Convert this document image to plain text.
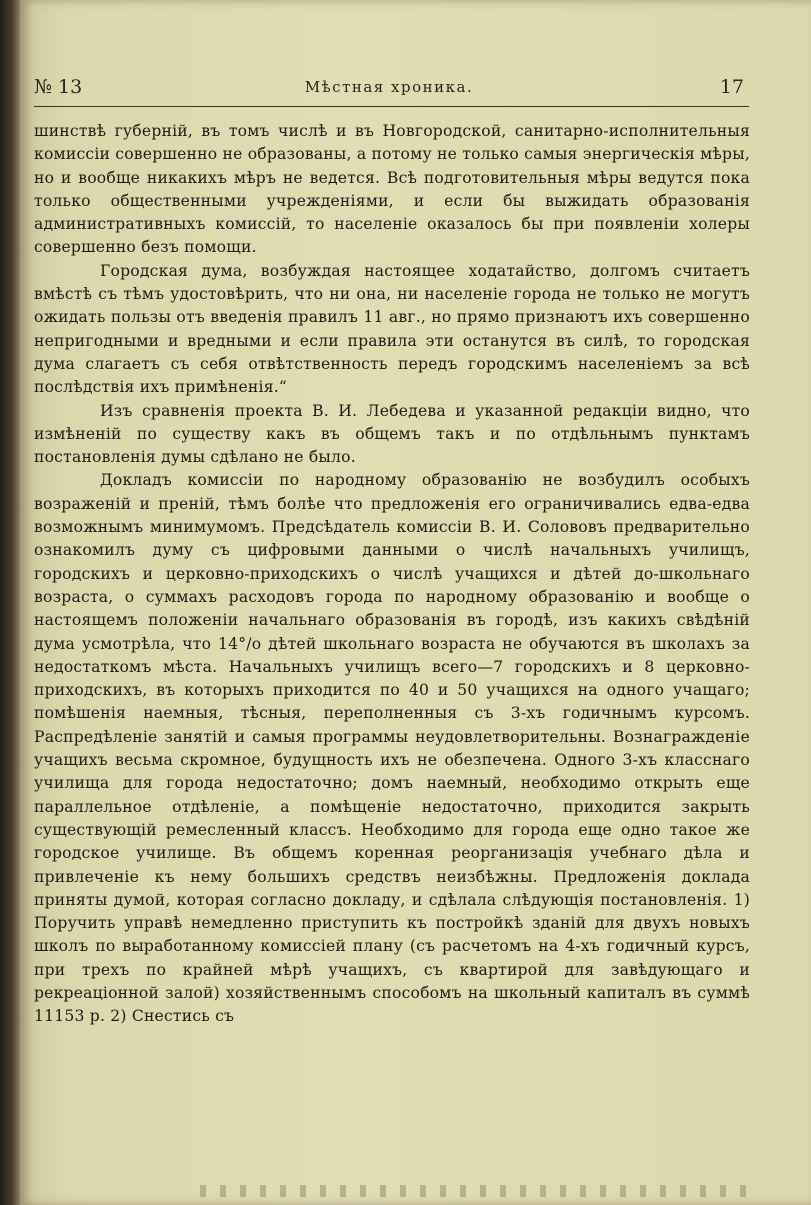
№ 13	Мѣстная хроника.	17

шинствѣ губерній, въ томъ числѣ и въ Новгородской, санитарно-исполнительныя комиссіи совершенно не образованы, а потому не только самыя энергическія мѣры, но и вообще никакихъ мѣръ не ведется. Всѣ подготовительныя мѣры ведутся пока только общественными учрежденіями, и если бы выжидать образованія административныхъ комиссій, то населеніе оказалось бы при появленіи холеры совершенно безъ помощи.

Городская дума, возбуждая настоящее ходатайство, долгомъ считаетъ вмѣстѣ съ тѣмъ удостовѣрить, что ни она, ни населеніе города не только не могутъ ожидать пользы отъ введенія правилъ 11 авг., но прямо признаютъ ихъ совершенно непригодными и вредными и если правила эти останутся въ силѣ, то городская дума слагаетъ съ себя отвѣтственность передъ городскимъ населеніемъ за всѣ послѣдствія ихъ примѣненія.“

Изъ сравненія проекта В. И. Лебедева и указанной редакціи видно, что измѣненій по существу какъ въ общемъ такъ и по отдѣльнымъ пунктамъ постановленія думы сдѣлано не было.

Докладъ комиссіи по народному образованію не возбудилъ особыхъ возраженій и преній, тѣмъ болѣе что предложенія его ограничивались едва-едва возможнымъ минимумомъ. Предсѣдатель комиссіи В. И. Солововъ предварительно ознакомилъ думу съ цифровыми данными о числѣ начальныхъ училищъ, городскихъ и церковно-приходскихъ о числѣ учащихся и дѣтей до-школьнаго возраста, о суммахъ расходовъ города по народному образованію и вообще о настоящемъ положеніи начальнаго образованія въ городѣ, изъ какихъ свѣдѣній дума усмотрѣла, что 14°/о дѣтей школьнаго возраста не обучаются въ школахъ за недостаткомъ мѣста. Начальныхъ училищъ всего—7 городскихъ и 8 церковно-приходскихъ, въ которыхъ приходится по 40 и 50 учащихся на одного учащаго; помѣшенія наемныя, тѣсныя, переполненныя съ 3-хъ годичнымъ курсомъ. Распредѣленіе занятій и самыя программы неудовлетворительны. Вознагражденіе учащихъ весьма скромное, будущность ихъ не обезпечена. Одного 3-хъ класснаго училища для города недостаточно; домъ наемный, необходимо открыть еще параллельное отдѣленіе, а помѣщеніе недостаточно, приходится закрыть существующій ремесленный классъ. Необходимо для города еще одно такое же городское училище. Въ общемъ коренная реорганизація учебнаго дѣла и привлеченіе къ нему большихъ средствъ неизбѣжны. Предложенія доклада приняты думой, которая согласно докладу, и сдѣлала слѣдующія постановленія. 1) Поручить управѣ немедленно приступить къ постройкѣ зданій для двухъ новыхъ школъ по выработанному комиссіей плану (съ расчетомъ на 4-хъ годичный курсъ, при трехъ по крайней мѣрѣ учащихъ, съ квартирой для завѣдующаго и рекреаціонной залой) хозяйственнымъ способомъ на школьный капиталъ въ суммѣ 11153 р. 2) Снестись съ
